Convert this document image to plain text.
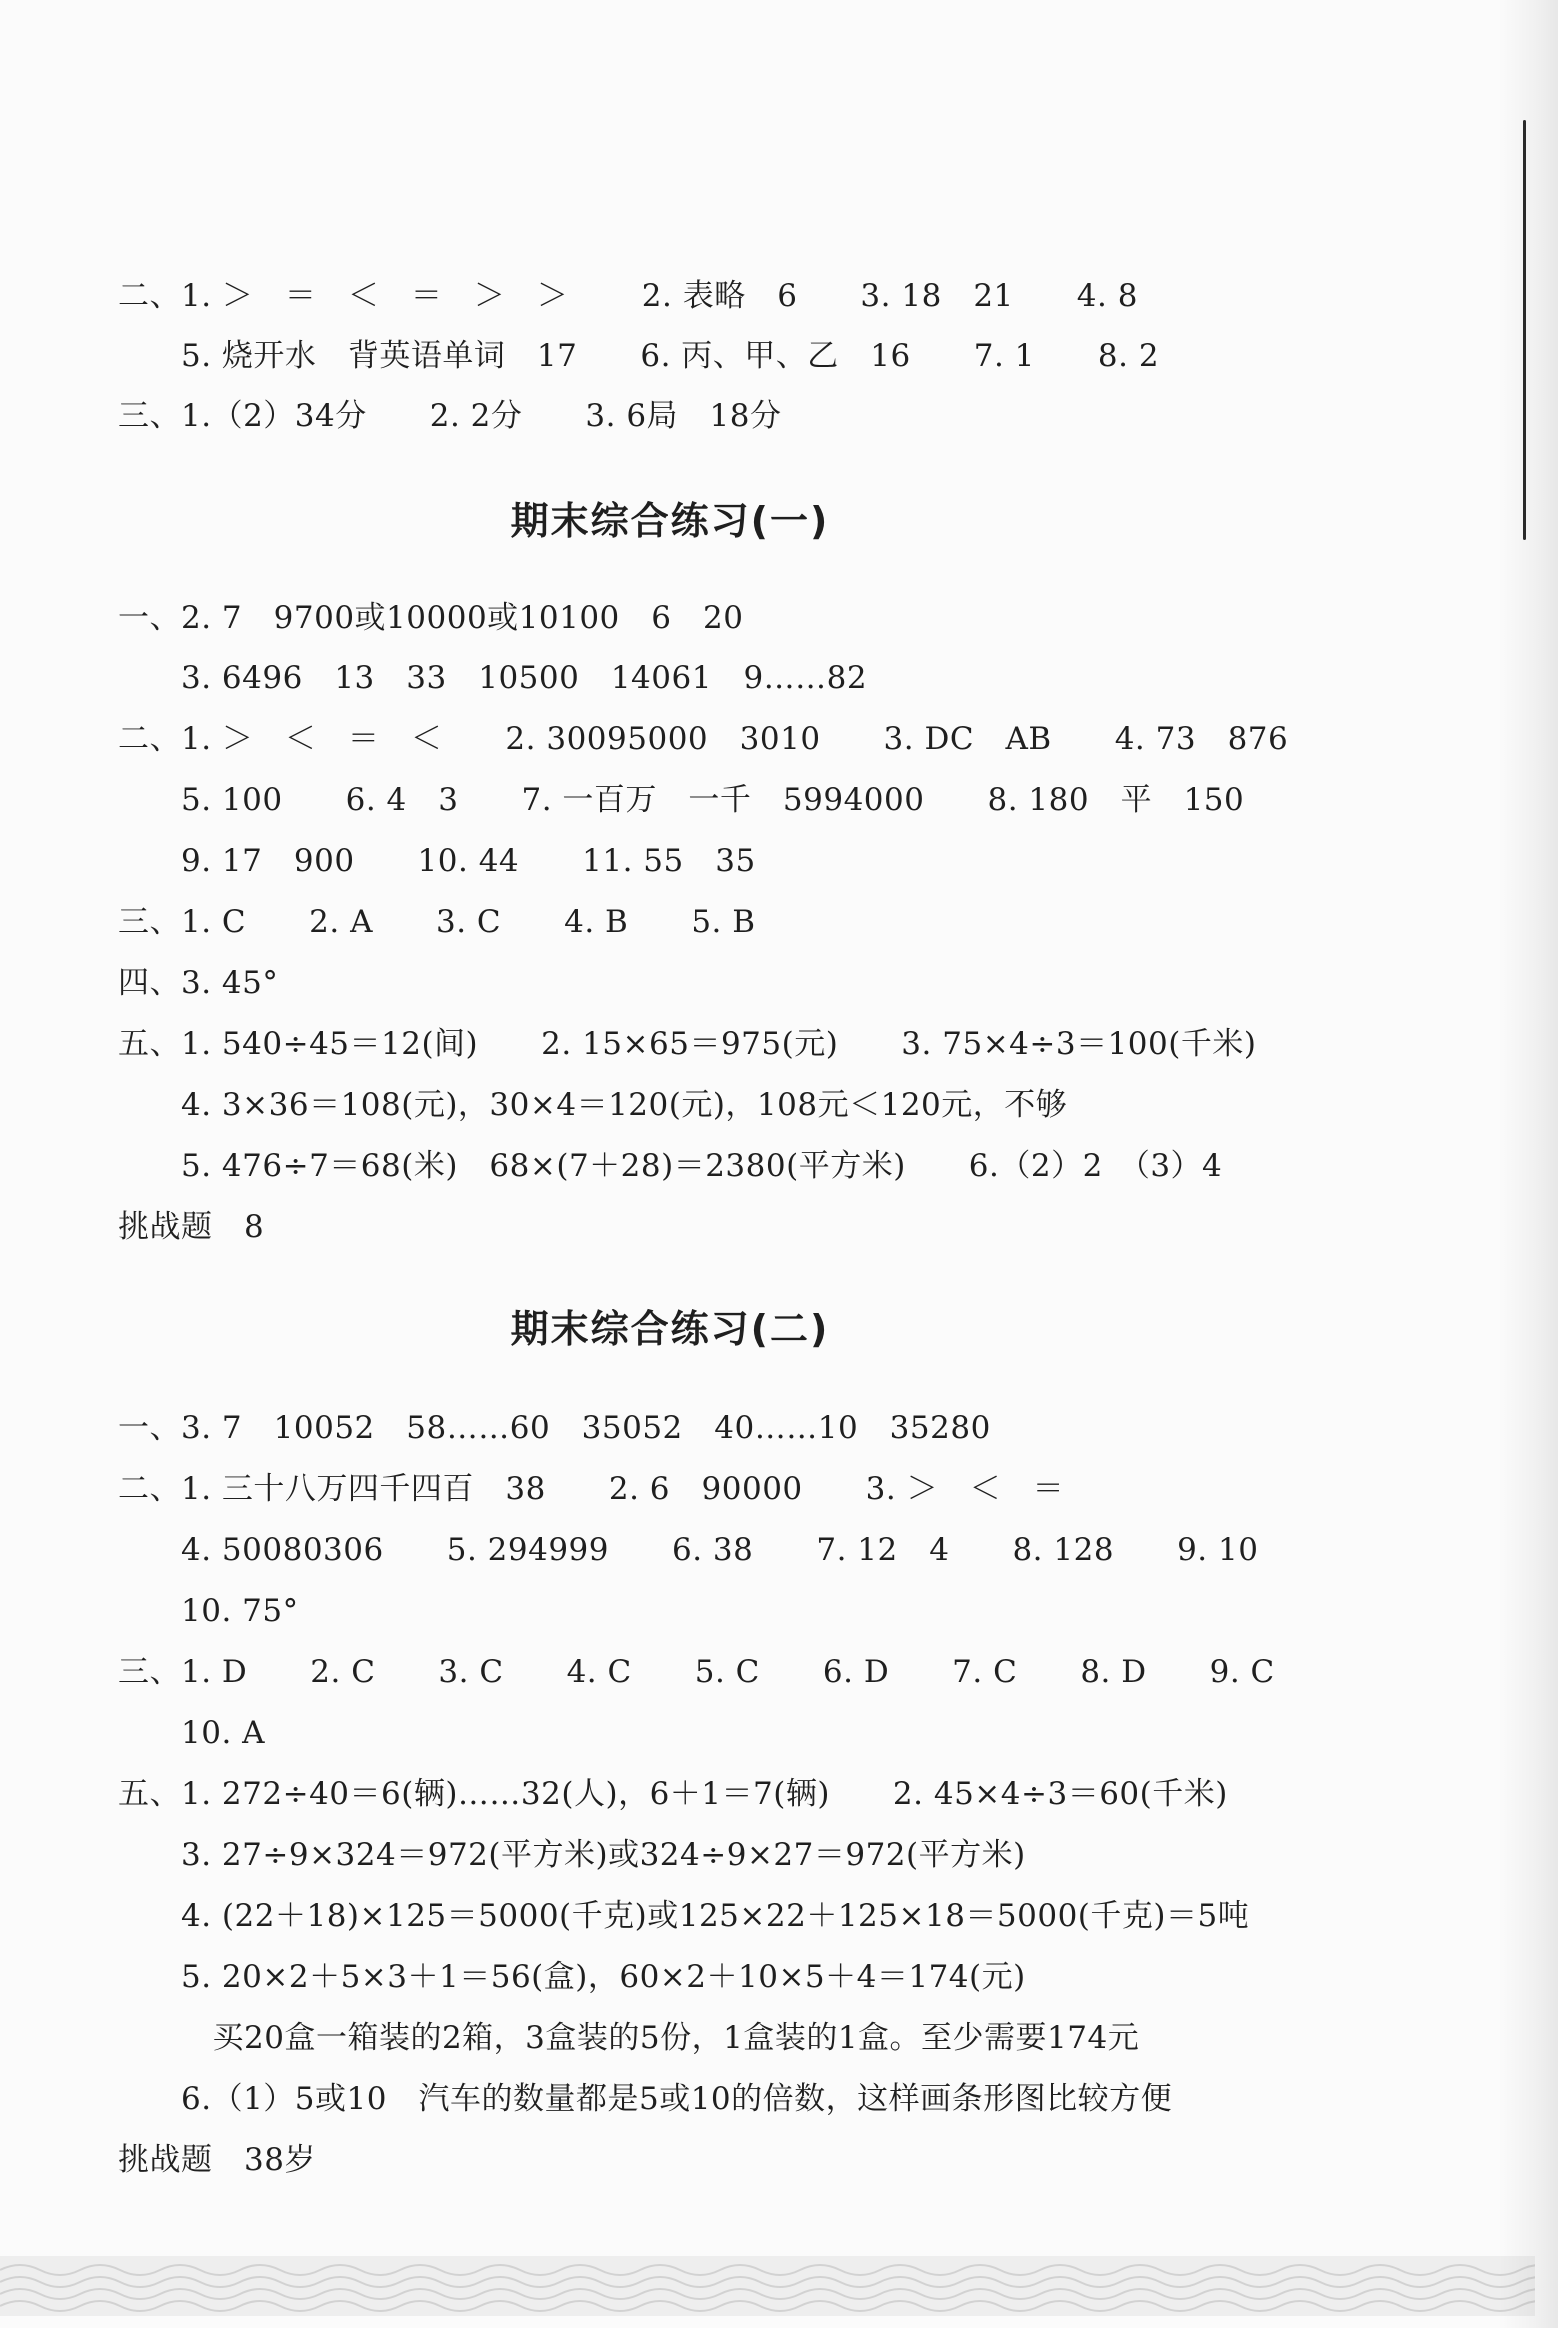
二、1. ＞　＝　＜　＝　＞　＞　　 2. 表略　6　　3. 18　21　　4. 8
　　5. 烧开水　背英语单词　17　　6. 丙、甲、乙　16　　7. 1　　8. 2
三、1.（2）34分　　2. 2分　　3. 6局　18分
期末综合练习(一)
一、2. 7　9700或10000或10100　6　20
　　3. 6496　13　33　10500　14061　9……82
二、1. ＞　＜　＝　＜　　2. 30095000　3010　　3. DC　AB　　4. 73　876
　　5. 100　　6. 4　3　　7. 一百万　一千　5994000　　8. 180　平　150
　　9. 17　900　　10. 44　　11. 55　35
三、1. C　　2. A　　3. C　　4. B　　5. B
四、3. 45°
五、1. 540÷45＝12(间)　　2. 15×65＝975(元)　　3. 75×4÷3＝100(千米)
　　4. 3×36＝108(元)，30×4＝120(元)，108元＜120元，不够
　　5. 476÷7＝68(米)　68×(7＋28)＝2380(平方米)　　6.（2）2　（3）4
挑战题　8
期末综合练习(二)
一、3. 7　10052　58……60　35052　40……10　35280
二、1. 三十八万四千四百　38　　2. 6　90000　　3. ＞　＜　＝
　　4. 50080306　　5. 294999　　6. 38　　7. 12　4　　8. 128　　9. 10
　　10. 75°
三、1. D　　2. C　　3. C　　4. C　　5. C　　6. D　　7. C　　8. D　　9. C
　　10. A
五、1. 272÷40＝6(辆)……32(人)，6＋1＝7(辆)　　2. 45×4÷3＝60(千米)
　　3. 27÷9×324＝972(平方米)或324÷9×27＝972(平方米)
　　4. (22＋18)×125＝5000(千克)或125×22＋125×18＝5000(千克)＝5吨
　　5. 20×2＋5×3＋1＝56(盒)，60×2＋10×5＋4＝174(元)
　　　买20盒一箱装的2箱，3盒装的5份，1盒装的1盒。至少需要174元
　　6.（1）5或10　汽车的数量都是5或10的倍数，这样画条形图比较方便
挑战题　38岁
